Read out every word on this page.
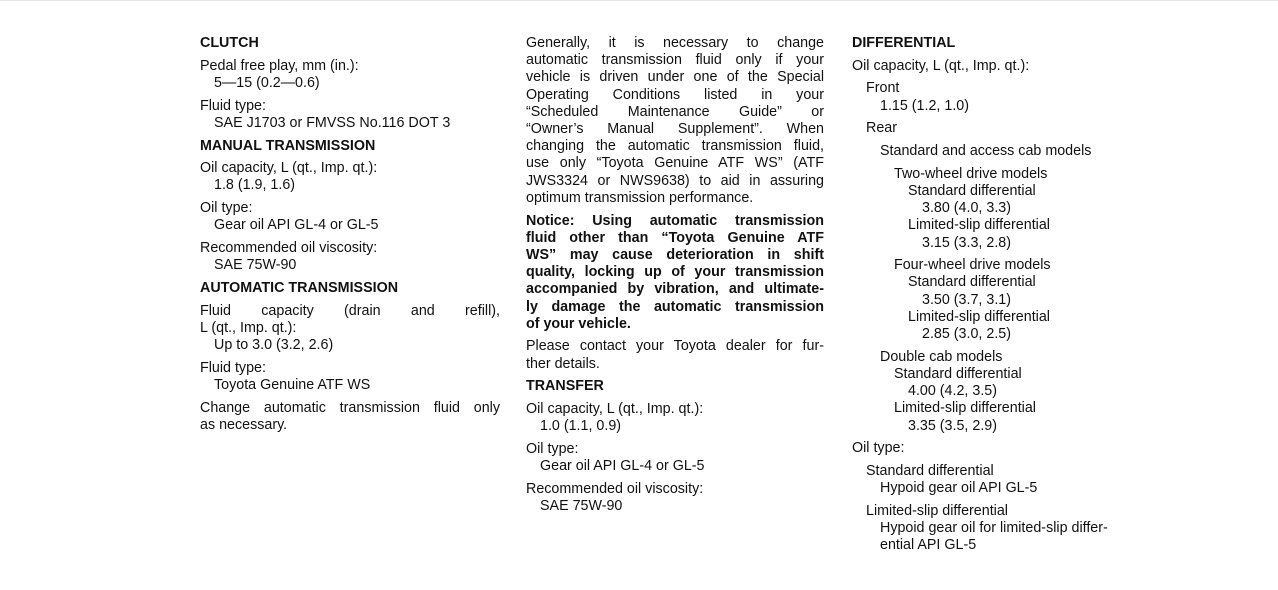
CLUTCH
Pedal free play, mm (in.):
5—15 (0.2—0.6)
Fluid type:
SAE J1703 or FMVSS No.116 DOT 3
MANUAL TRANSMISSION
Oil capacity, L (qt., Imp. qt.):
1.8 (1.9, 1.6)
Oil type:
Gear oil API GL-4 or GL-5
Recommended oil viscosity:
SAE 75W-90
AUTOMATIC TRANSMISSION
Fluid capacity (drain and refill),
L (qt., Imp. qt.):
Up to 3.0 (3.2, 2.6)
Fluid type:
Toyota Genuine ATF WS
Change automatic transmission fluid only
as necessary.
Generally, it is necessary to change
automatic transmission fluid only if your
vehicle is driven under one of the Special
Operating Conditions listed in your
“Scheduled Maintenance Guide” or
“Owner’s Manual Supplement”. When
changing the automatic transmission fluid,
use only “Toyota Genuine ATF WS” (ATF
JWS3324 or NWS9638) to aid in assuring
optimum transmission performance.
Notice: Using automatic transmission
fluid other than “Toyota Genuine ATF
WS” may cause deterioration in shift
quality, locking up of your transmission
accompanied by vibration, and ultimate-
ly damage the automatic transmission
of your vehicle.
Please contact your Toyota dealer for fur-
ther details.
TRANSFER
Oil capacity, L (qt., Imp. qt.):
1.0 (1.1, 0.9)
Oil type:
Gear oil API GL-4 or GL-5
Recommended oil viscosity:
SAE 75W-90
DIFFERENTIAL
Oil capacity, L (qt., Imp. qt.):
Front
1.15 (1.2, 1.0)
Rear
Standard and access cab models
Two-wheel drive models
Standard differential
3.80 (4.0, 3.3)
Limited-slip differential
3.15 (3.3, 2.8)
Four-wheel drive models
Standard differential
3.50 (3.7, 3.1)
Limited-slip differential
2.85 (3.0, 2.5)
Double cab models
Standard differential
4.00 (4.2, 3.5)
Limited-slip differential
3.35 (3.5, 2.9)
Oil type:
Standard differential
Hypoid gear oil API GL-5
Limited-slip differential
Hypoid gear oil for limited-slip differ-
ential API GL-5
